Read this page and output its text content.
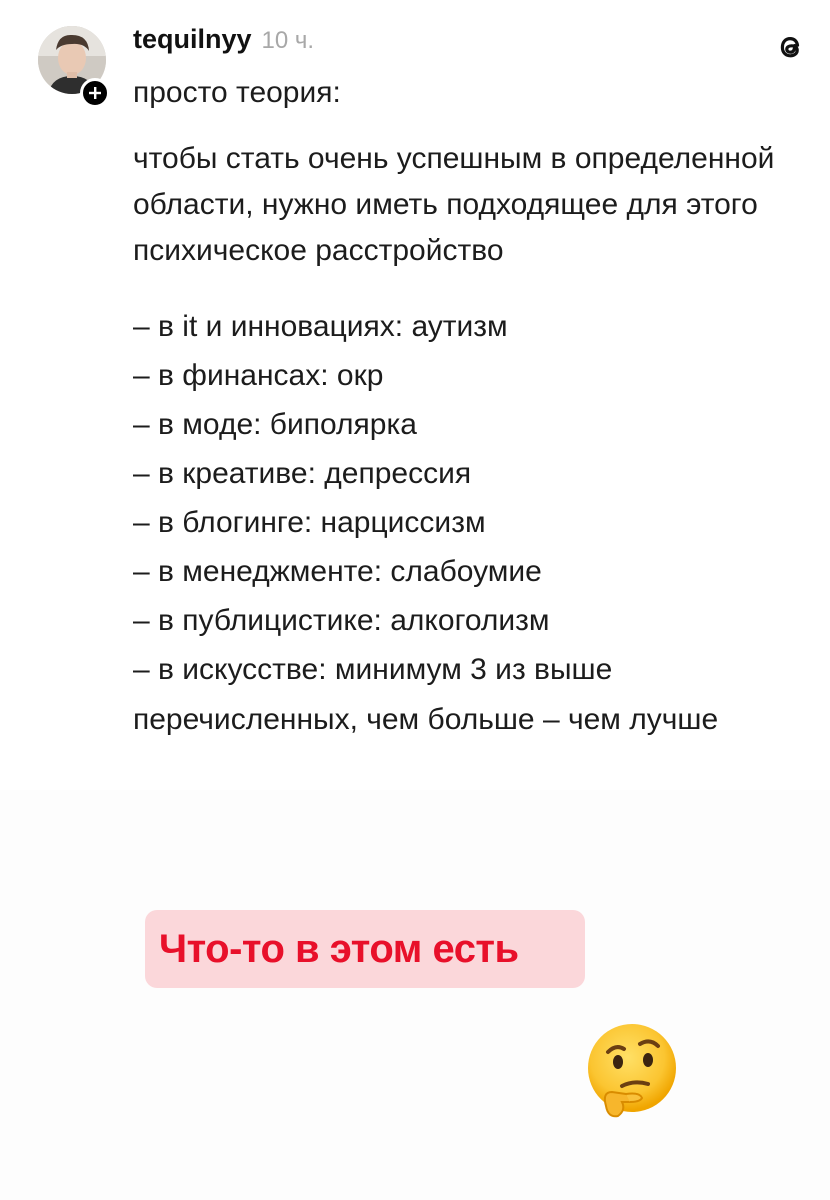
tequilnyy 10 ч.

просто теория:

чтобы стать очень успешным в определенной области, нужно иметь подходящее для этого психическое расстройство

– в it и инновациях: аутизм

– в финансах: окр

– в моде: биполярка

– в креативе: депрессия

– в блогинге: нарциссизм

– в менеджменте: слабоумие

– в публицистике: алкоголизм

– в искусстве: минимум 3 из выше перечисленных, чем больше – чем лучше

Что-то в этом есть
